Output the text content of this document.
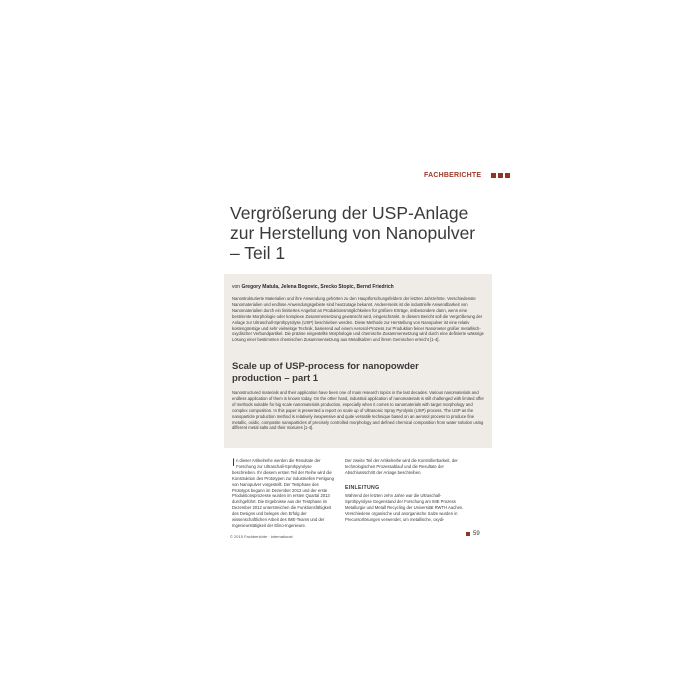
FACHBERICHTE
Vergrößerung der USP-Anlage
zur Herstellung von Nanopulver
– Teil 1
von Gregory Matula, Jelena Bogovic, Srecko Stopic, Bernd Friedrich

Nanostrukturierte Materialien und ihre Anwendung gehörten zu den Hauptforschungsfeldern der letzten Jahrzehnte. Verschiedenste Nanomaterialien und endlose Anwendungsgebiete sind heutzutage bekannt. Andererseits ist die industrielle Anwendbarkeit von Nanomaterialien durch ein limitiertes Angebot an Produktionsmöglichkeiten für größere Erträge, insbesondere dann, wenn eine bestimmte Morphologie oder komplexe Zusammensetzung gewünscht wird, eingeschränkt. In diesem Bericht soll die Vergrößerung der Anlage zur Ultraschall-Sprühpyrolyse (USP) beschrieben werden. Diese Methode zur Herstellung von Nanopulver ist eine relativ kostengünstige und sehr vielseitige Technik, basierend auf einem Aerosol-Prozess zur Produktion feiner Nanometer großer metallisch-oxydischer Verbundpartikel. Die präzise eingestellte Morphologie und chemische Zusammensetzung wird durch eine definierte wässrige Lösung einer bestimmten chemischen Zusammensetzung aus Metallsalzen und ihrem Gemischen erreicht [1-4].

Scale up of USP-process for nanopowder
production – part 1

Nanostructured materials and their application have been one of main research topics in the last decades. Various nanomaterials and endless application of them is known today. On the other hand, industrial application of nanomaterials is still challenged with limited offer of methods suitable for big scale nanomaterials production, especially when it comes to nanomaterials with target morphology and complex composition. In this paper is presented a report on scale up of Ultrasonic Spray Pyrolysis (USP) process. The USP as the nanoparticle production method is relatively inexpensive and quite versatile technique based on an aerosol process to produce fine metallic, oxidic, composite nanoparticles of precisely controlled morphology and defined chemical composition from water solution using different metal salts and their mixtures [1-4].

In dieser Artikelreihe werden die Resultate der Forschung zur Ultraschall-Sprühpyrolyse beschrieben. Ihr diesem ersten Teil der Reihe wird die Konstruktion des Prototypen zur industriellen Fertigung von Nanopulver vorgestellt. Der Testphase des Prototyps begann im Dezember 2012 und der erste Produktionsprozesse wurden im ersten Quartal 2013 durchgeführt. Die Ergebnisse aus der Testphase im Dezember 2012 unterstreichen die Funktionsfähigkeit des Designs und belegen den Erfolg der wissenschaftlichen Arbeit des IME-Teams und der Ingenieurstätigkeit der Elino-Ingenieure.

Der zweite Teil der Artikelreihe wird die Kontrollierbarkeit, der technologischen Prozessablauf und die Resultate der Abschlussschritt der Anlage beschreiben.

EINLEITUNG

Während der letzten zehn Jahre war die Ultraschall-Sprühpyrolyse Gegenstand der Forschung am IME Prozess Metallurgie und Metall Recycling der Universität RWTH Aachen. Verschiedene organische und anorganische Salze wurden in Precursorlösungen verwendet, um metallische, oxydi-

© 2015 Fachberichte · international	59
